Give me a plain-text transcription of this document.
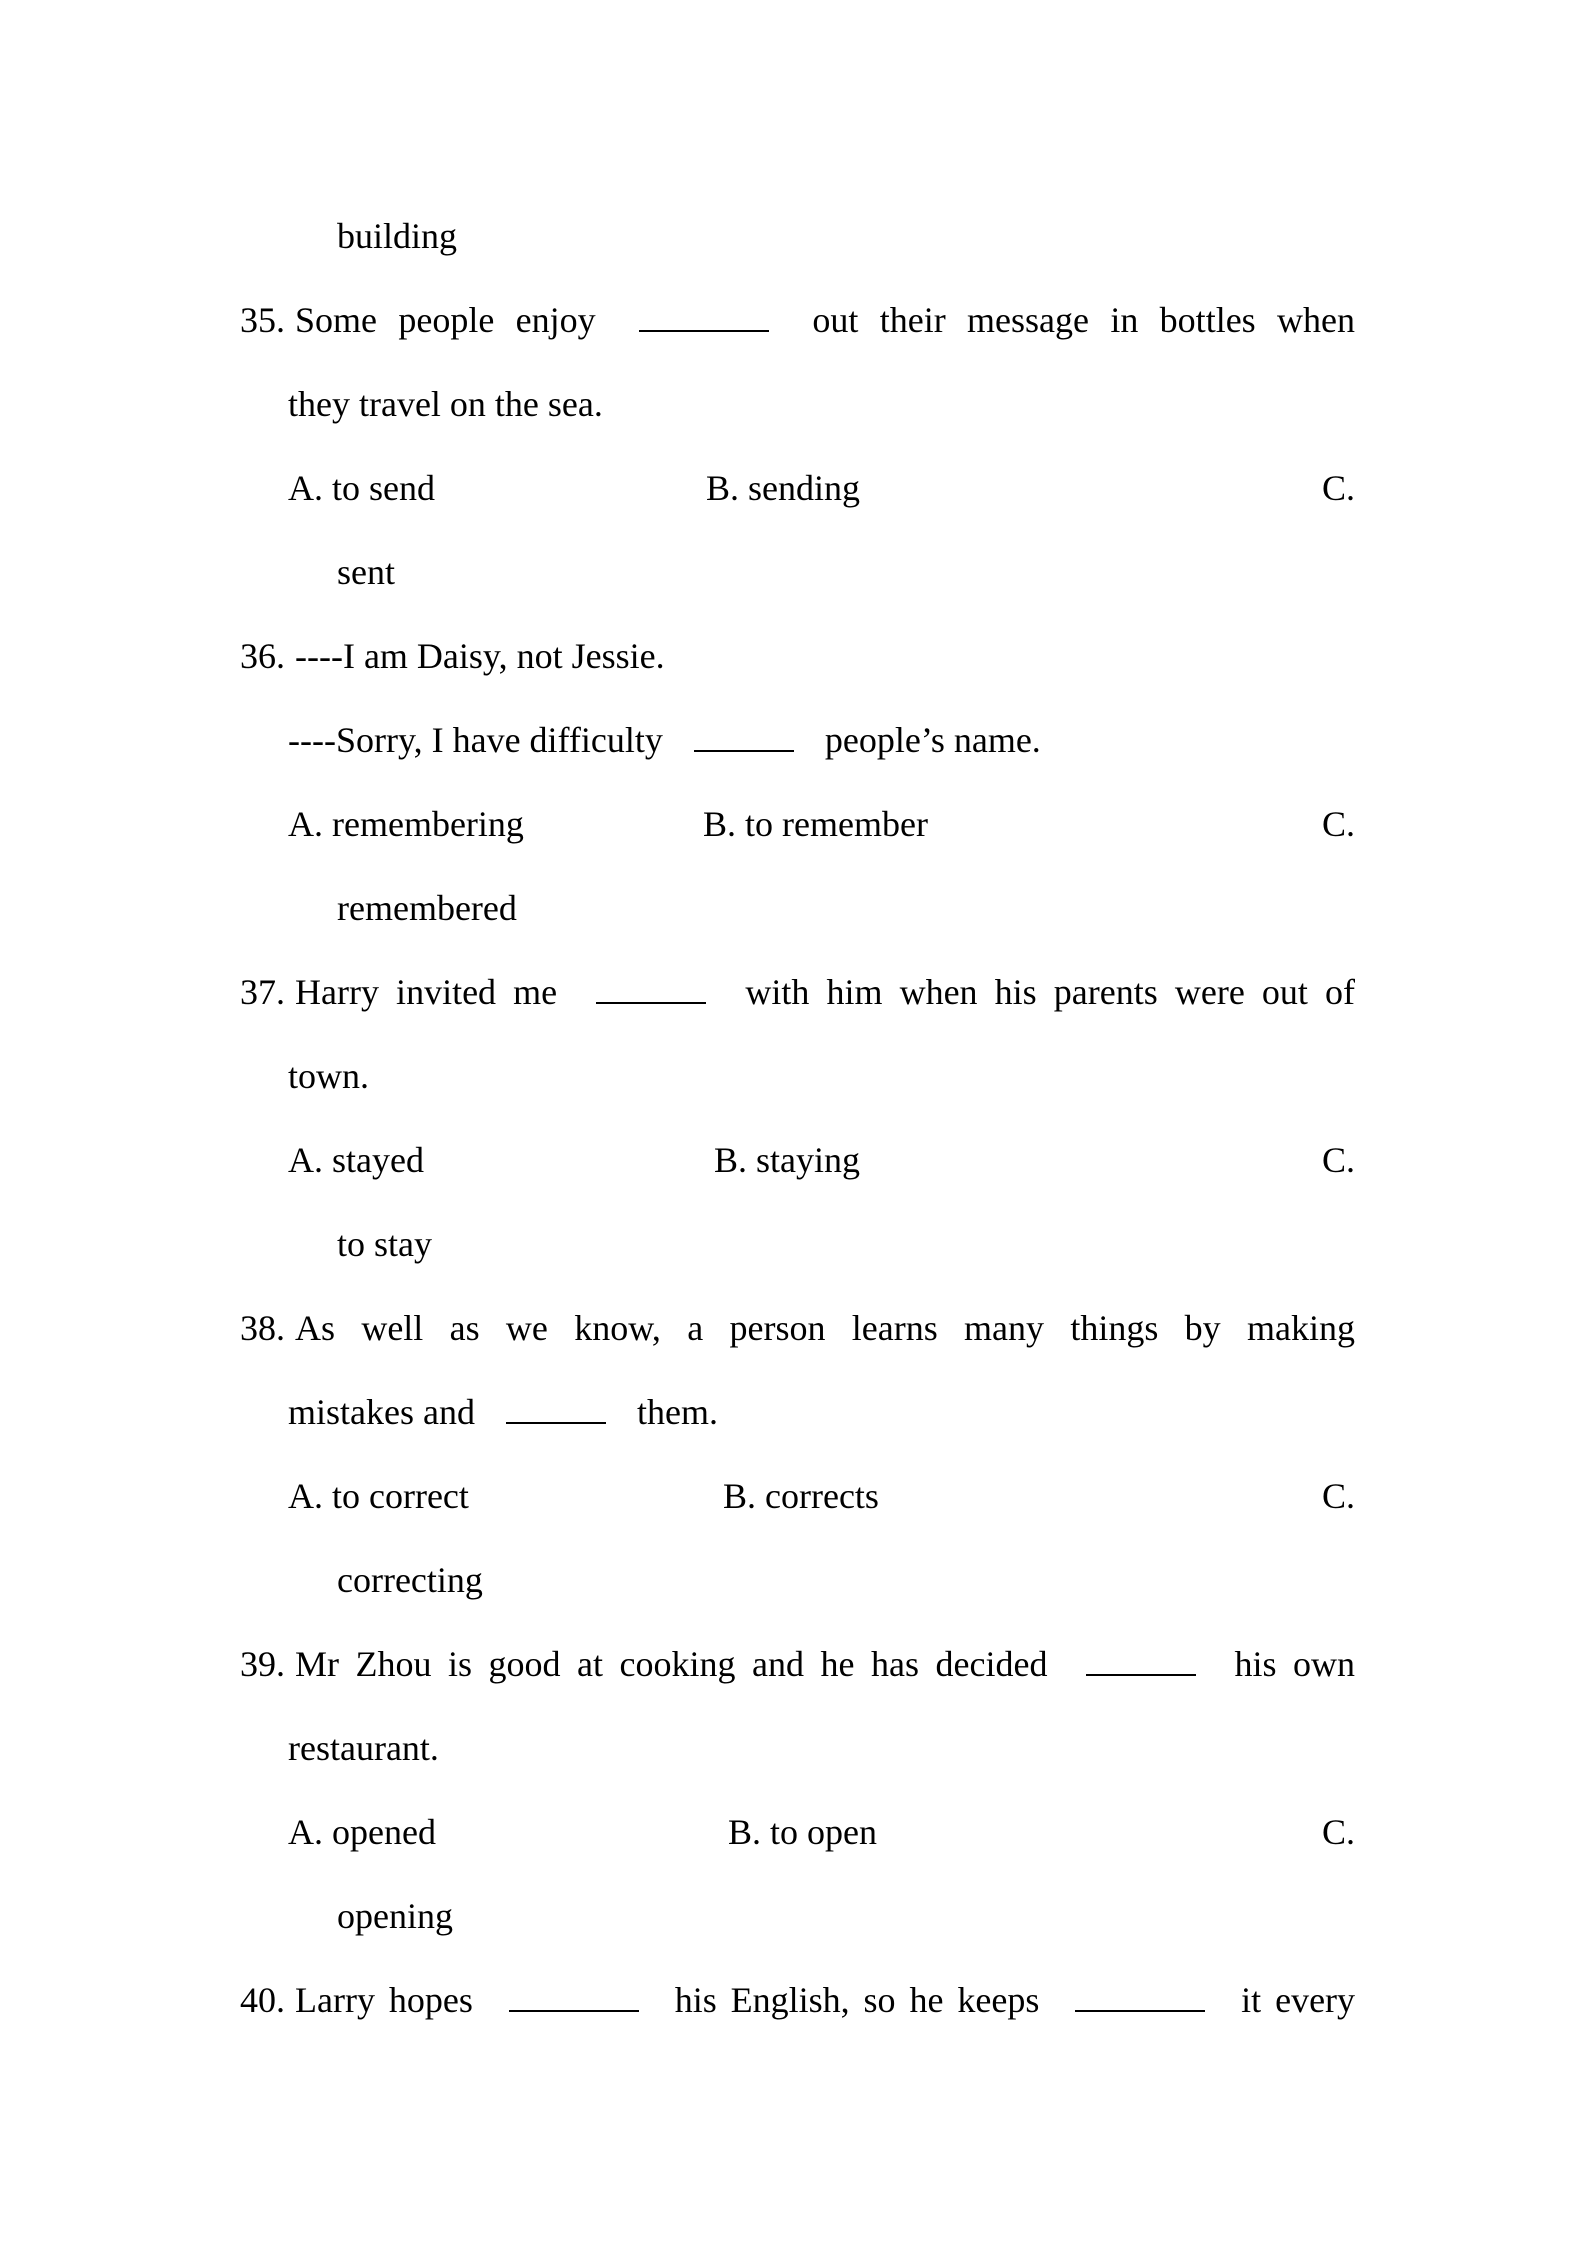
building
35. Some people enjoy	out their message in bottles when
they travel on the sea.
A. to send	B. sending	C.
sent
36. ----I am Daisy, not Jessie.
----Sorry, I have difficulty	people’s name.
A. remembering	B. to remember	C.
remembered
37. Harry invited me	with him when his parents were out of
town.
A. stayed	B. staying	C.
to stay
38. As well as we know, a person learns many things by making
mistakes and	them.
A. to correct	B. corrects	C.
correcting
39. Mr Zhou is good at cooking and he has decided	his own
restaurant.
A. opened	B. to open	C.
opening
40. Larry hopes	his English, so he keeps	it every
